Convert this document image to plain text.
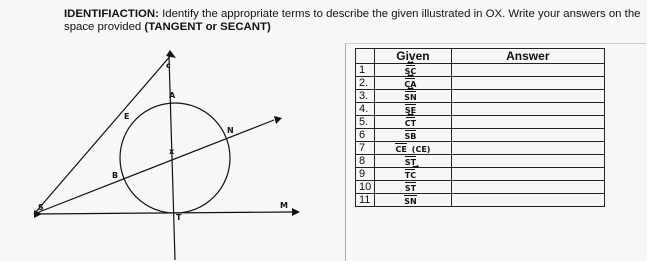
IDENTIFIACTION: Identify the appropriate terms to describe the given illustrated in OX. Write your answers on the space provided (TANGENT or SECANT)
c
A
E
N
x
B
S
T
M
	Given	Answer
1	SC ↔	
2.	CA ↔	
3.	SN ↔	
4.	SE	
5.	CT ↔	
6	SB	
7	CE (CE)	
8	ST	
9	TC →	
10	ST	
11	SN	
